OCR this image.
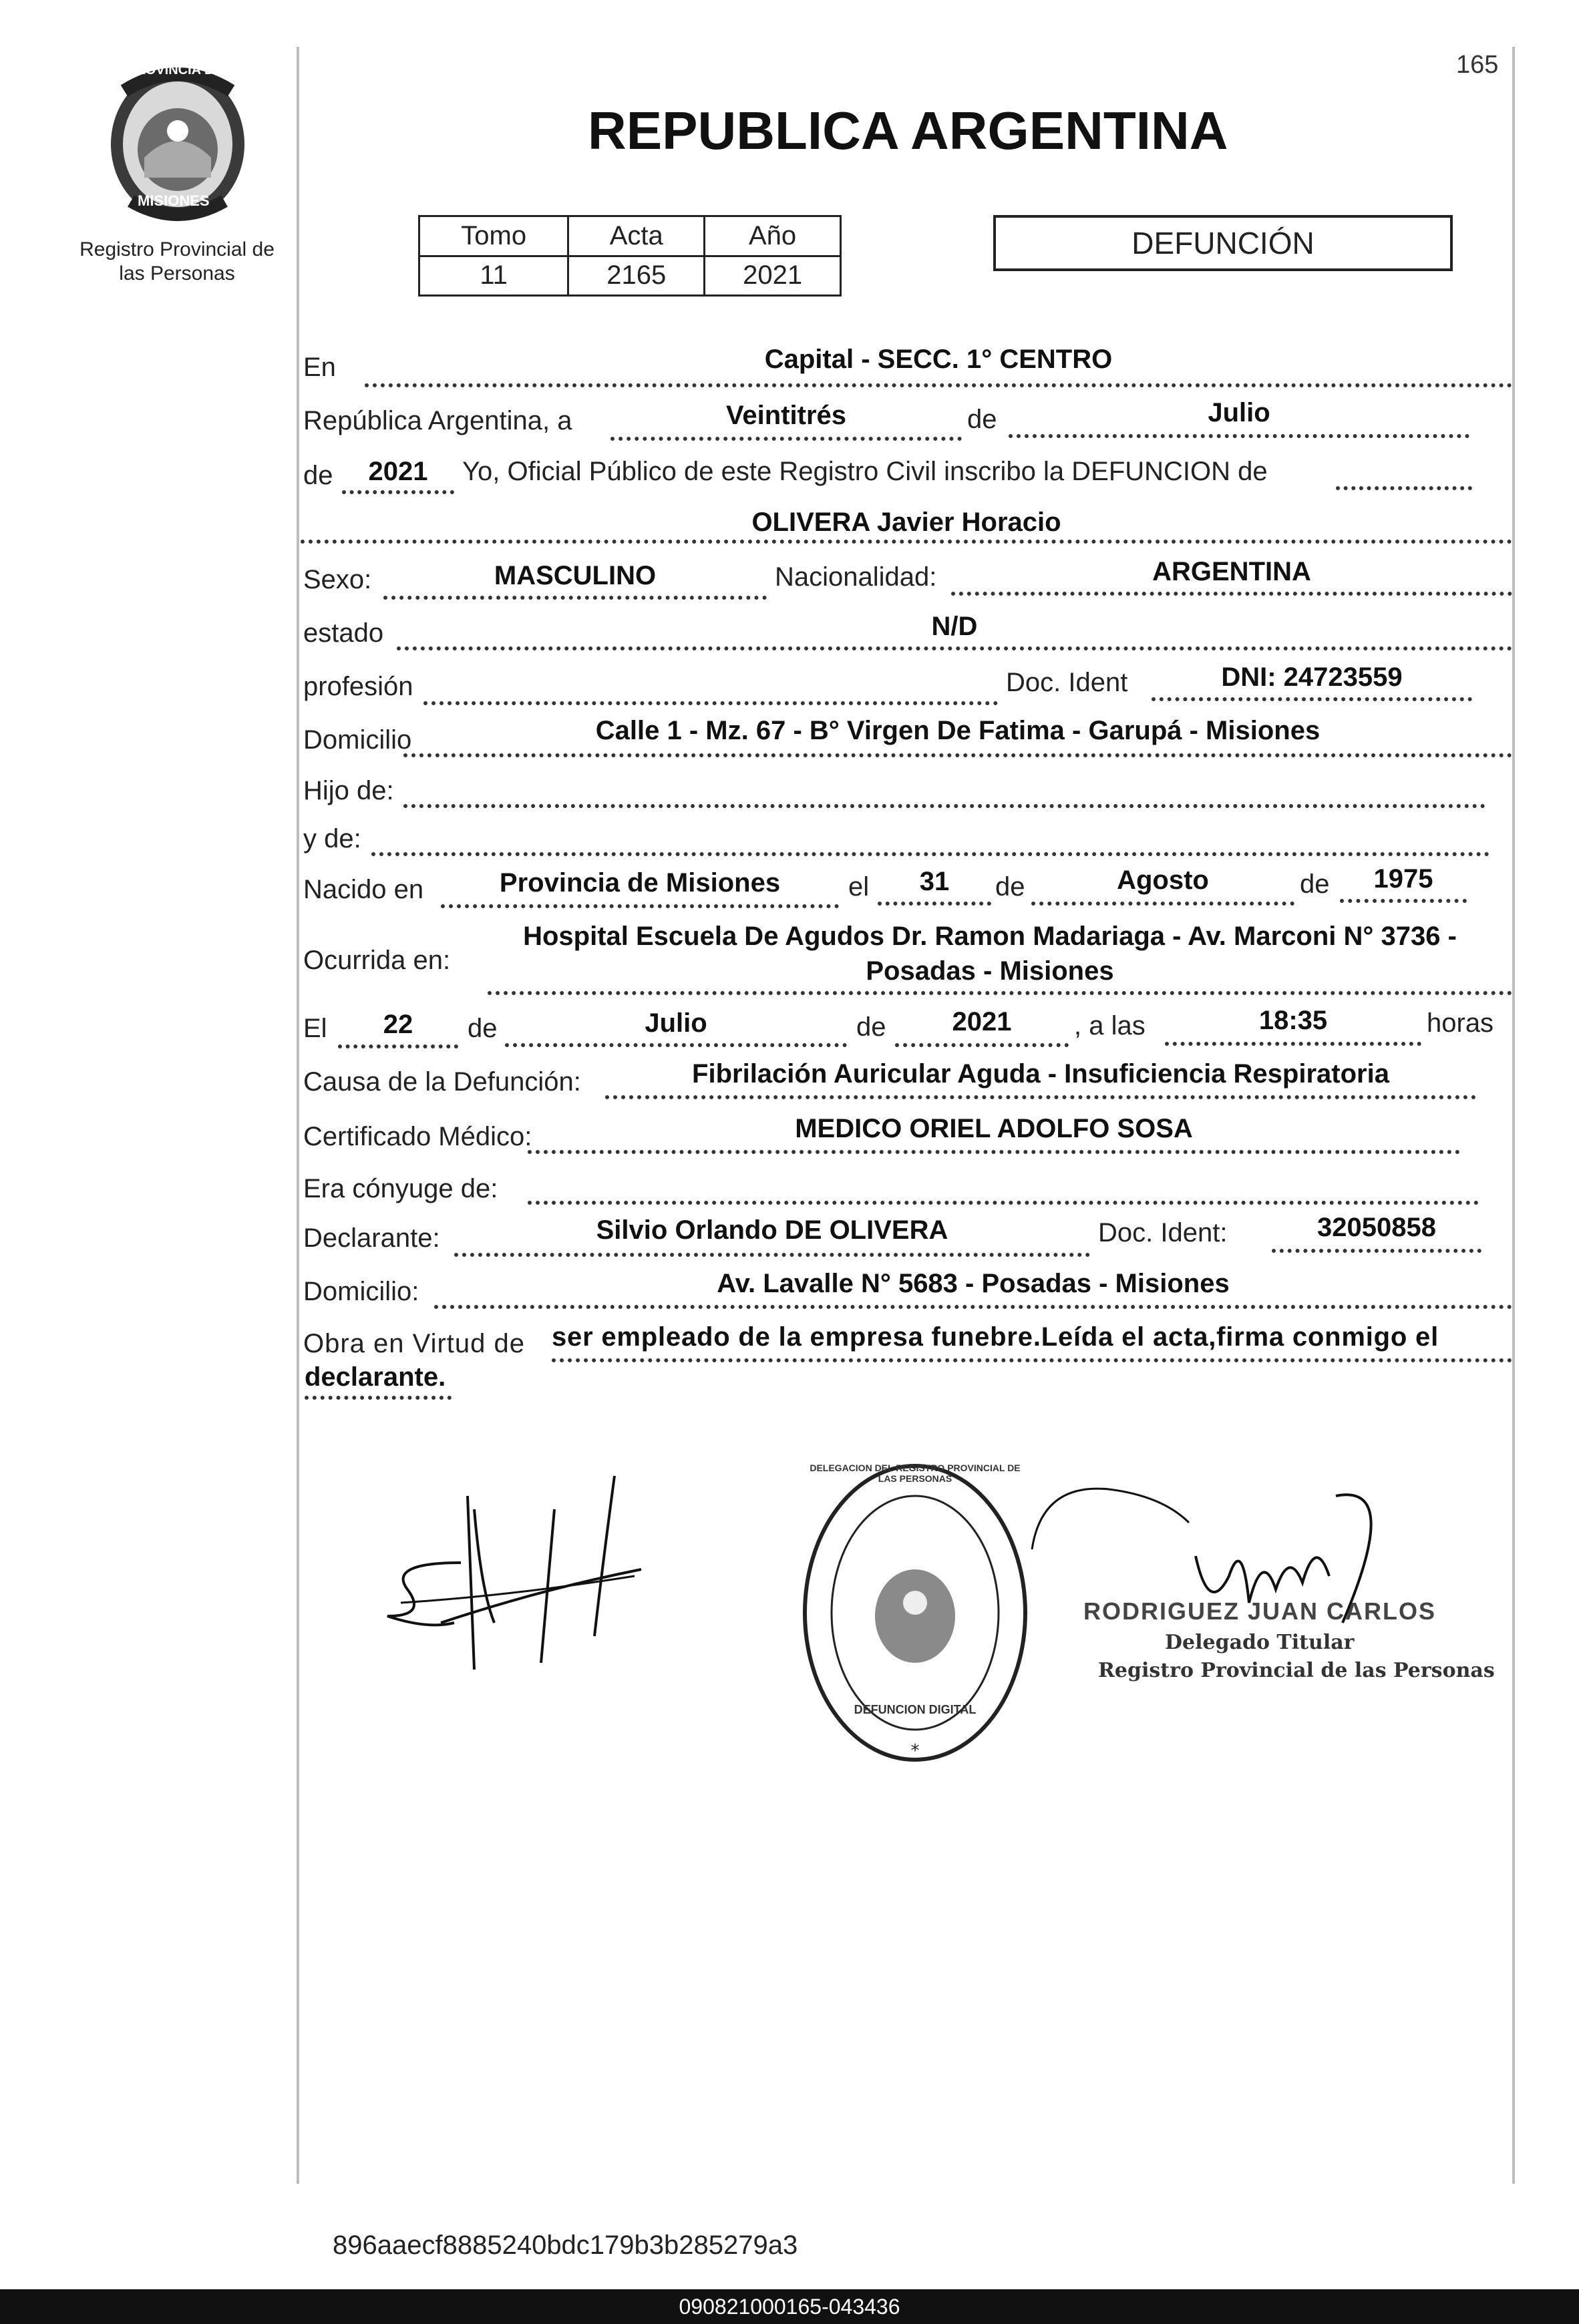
165
PROVINCIA DE
MISIONES
Registro Provincial de
las Personas
REPUBLICA ARGENTINA
Tomo	Acta	Año
11	2165	2021
DEFUNCIÓN
En	Capital - SECC. 1° CENTRO
República Argentina, a	Veintitrés	de	Julio
de	2021	Yo, Oficial Público de este Registro Civil inscribo la DEFUNCION de
OLIVERA Javier Horacio
Sexo:	MASCULINO	Nacionalidad:	ARGENTINA
estado	N/D
profesión	Doc. Ident	DNI: 24723559
Domicilio	Calle 1 - Mz. 67 - B° Virgen De Fatima - Garupá - Misiones
Hijo de:
y de:
Nacido en	Provincia de Misiones	el	31	de	Agosto	de	1975
Ocurrida en:
Hospital Escuela De Agudos Dr. Ramon Madariaga - Av. Marconi N° 3736 -
Posadas - Misiones
El	22	de	Julio	de	2021	, a las	18:35	horas
Causa de la Defunción:	Fibrilación Auricular Aguda - Insuficiencia Respiratoria
Certificado Médico:	MEDICO ORIEL ADOLFO SOSA
Era cónyuge de:
Declarante:	Silvio Orlando DE OLIVERA	Doc. Ident:	32050858
Domicilio:	Av. Lavalle N° 5683 - Posadas - Misiones
Obra en Virtud de ser empleado de la empresa funebre.Leída el acta,firma conmigo el
declarante.
*
DELEGACION DEL REGISTRO PROVINCIAL DE LAS PERSONAS
DEFUNCION DIGITAL
RODRIGUEZ JUAN CARLOS
Delegado Titular
Registro Provincial de las Personas
896aaecf8885240bdc179b3b285279a3
090821000165-043436
